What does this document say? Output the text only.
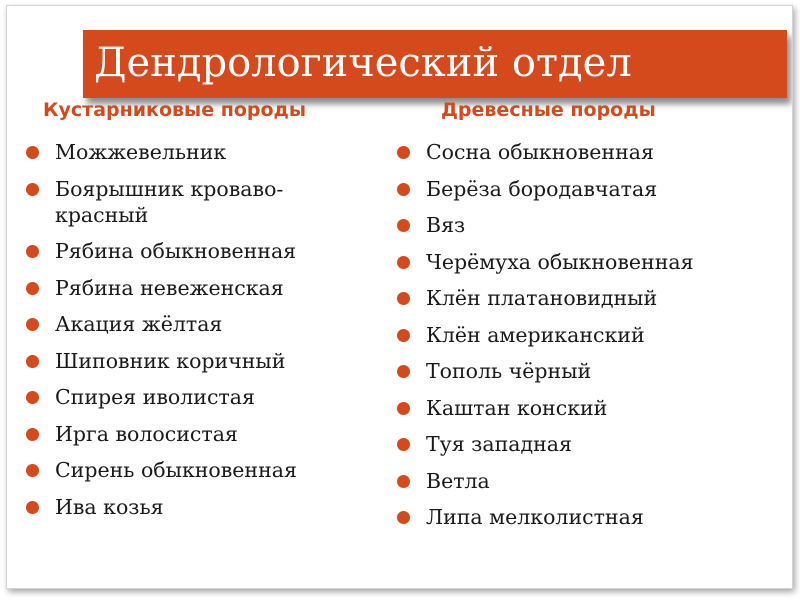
Дендрологический отдел
Кустарниковые породы	Древесные породы
Можжевельник
Боярышник кроваво-красный
Рябина обыкновенная
Рябина невеженская
Акация жёлтая
Шиповник коричный
Спирея иволистая
Ирга волосистая
Сирень обыкновенная
Ива козья
Сосна обыкновенная
Берёза бородавчатая
Вяз
Черёмуха обыкновенная
Клён платановидный
Клён американский
Тополь чёрный
Каштан конский
Туя западная
Ветла
Липа мелколистная
